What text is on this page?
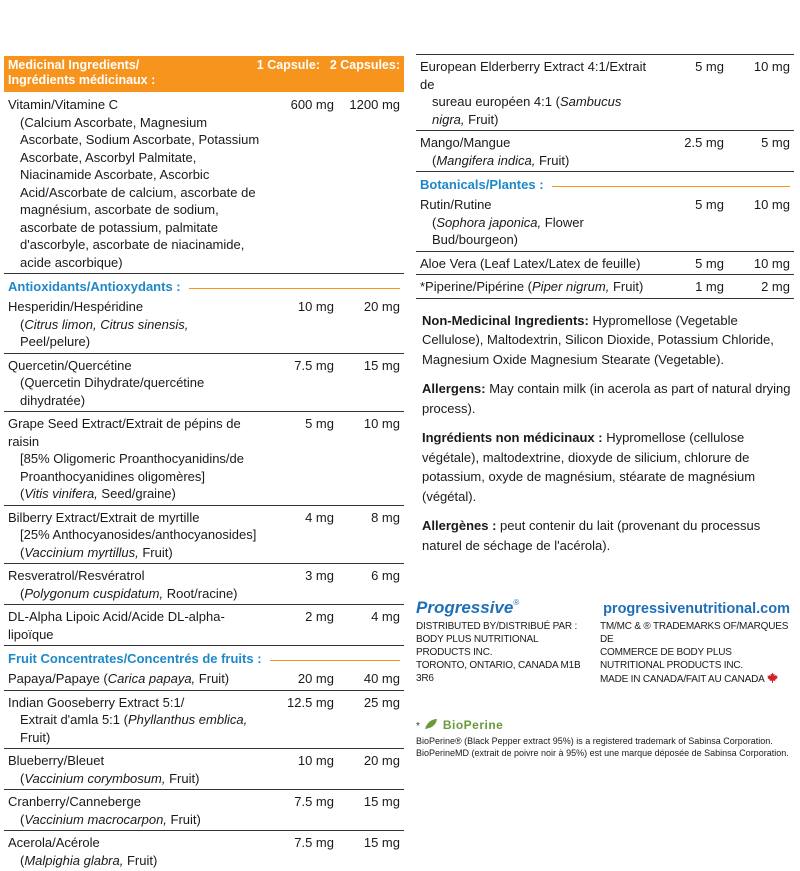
Medicinal Ingredients/
Ingrédients médicinaux :
1 Capsule: 2 Capsules:
Vitamin/Vitamine C
(Calcium Ascorbate, Magnesium Ascorbate, Sodium Ascorbate, Potassium Ascorbate, Ascorbyl Palmitate, Niacinamide Ascorbate, Ascorbic Acid/Ascorbate de calcium, ascorbate de magnésium, ascorbate de sodium, ascorbate de potassium, palmitate d'ascorbyle, ascorbate de niacinamide, acide ascorbique)
600 mg	1200 mg
Antioxidants/Antioxydants :
Hesperidin/Hespéridine
(Citrus limon, Citrus sinensis, Peel/pelure)
10 mg	20 mg
Quercetin/Quercétine
(Quercetin Dihydrate/quercétine dihydratée)
7.5 mg	15 mg
Grape Seed Extract/Extrait de pépins de raisin
[85% Oligomeric Proanthocyanidins/de Proanthocyanidines oligomères]
(Vitis vinifera, Seed/graine)
5 mg	10 mg
Bilberry Extract/Extrait de myrtille
[25% Anthocyanosides/anthocyanosides]
(Vaccinium myrtillus, Fruit)
4 mg	8 mg
Resveratrol/Resvératrol
(Polygonum cuspidatum, Root/racine)
3 mg	6 mg
DL-Alpha Lipoic Acid/Acide DL-alpha-lipoïque
2 mg	4 mg
Fruit Concentrates/Concentrés de fruits :
Papaya/Papaye (Carica papaya, Fruit)	20 mg	40 mg
Indian Gooseberry Extract 5:1/
Extrait d'amla 5:1 (Phyllanthus emblica, Fruit)
12.5 mg	25 mg
Blueberry/Bleuet
(Vaccinium corymbosum, Fruit)
10 mg	20 mg
Cranberry/Canneberge
(Vaccinium macrocarpon, Fruit)
7.5 mg	15 mg
Acerola/Acérole
(Malpighia glabra, Fruit)
7.5 mg	15 mg
European Elderberry Extract 4:1/Extrait de
sureau européen 4:1 (Sambucus nigra, Fruit)
5 mg	10 mg
Mango/Mangue
(Mangifera indica, Fruit)
2.5 mg	5 mg
Botanicals/Plantes :
Rutin/Rutine
(Sophora japonica, Flower Bud/bourgeon)
5 mg	10 mg
Aloe Vera (Leaf Latex/Latex de feuille)	5 mg	10 mg
*Piperine/Pipérine (Piper nigrum, Fruit)	1 mg	2 mg

Non-Medicinal Ingredients: Hypromellose (Vegetable Cellulose), Maltodextrin, Silicon Dioxide, Potassium Chloride, Magnesium Oxide Magnesium Stearate (Vegetable).

Allergens: May contain milk (in acerola as part of natural drying process).

Ingrédients non médicinaux : Hypromellose (cellulose végétale), maltodextrine, dioxyde de silicium, chlorure de potassium, oxyde de magnésium, stéarate de magnésium (végétal).

Allergènes : peut contenir du lait (provenant du processus naturel de séchage de l'acérola).

Progressive®	progressivenutritional.com
DISTRIBUTED BY/DISTRIBUÉ PAR :
BODY PLUS NUTRITIONAL PRODUCTS INC.
TORONTO, ONTARIO, CANADA M1B 3R6
TM/MC & ® TRADEMARKS OF/MARQUES DE
COMMERCE DE BODY PLUS NUTRITIONAL PRODUCTS INC.
MADE IN CANADA/FAIT AU CANADA
* BioPerine
BioPerine® (Black Pepper extract 95%) is a registered trademark of Sabinsa Corporation.
BioPerineMD (extrait de poivre noir à 95%) est une marque déposée de Sabinsa Corporation.
